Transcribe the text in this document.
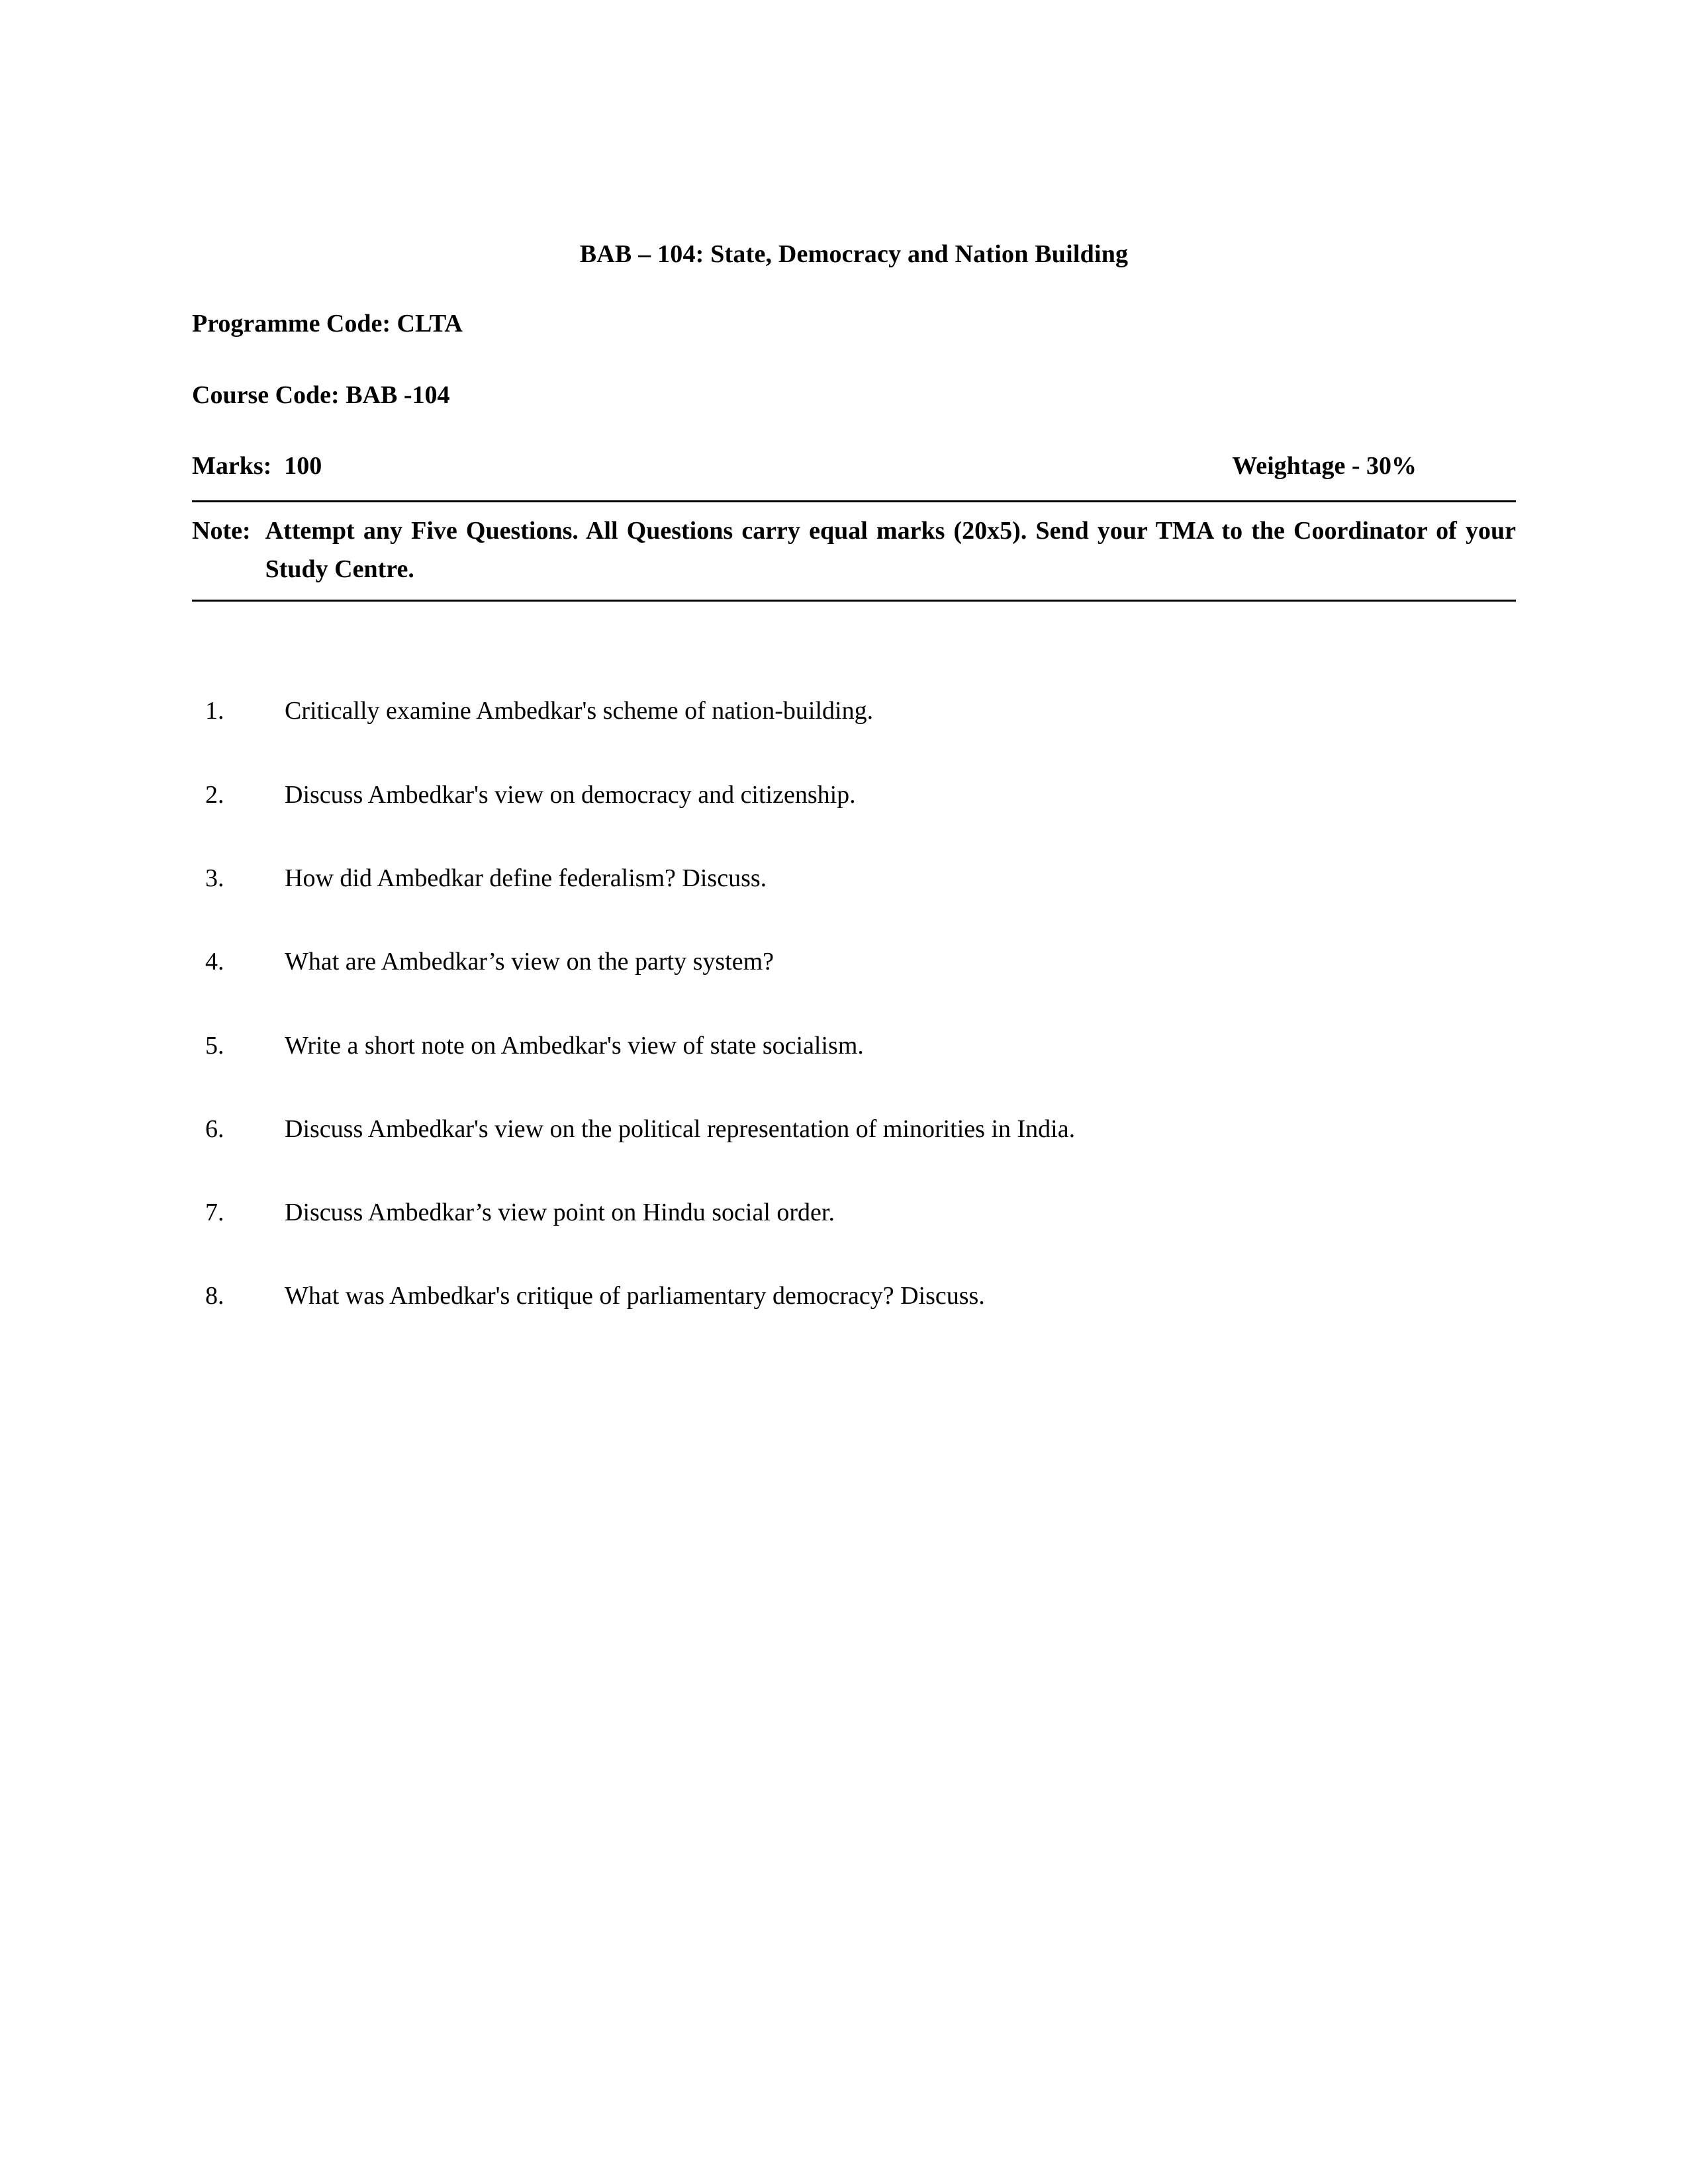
BAB – 104: State, Democracy and Nation Building
Programme Code: CLTA
Course Code: BAB -104
Marks:  100	Weightage - 30%
Note: Attempt any Five Questions. All Questions carry equal marks (20x5). Send your TMA to the Coordinator of your Study Centre.
1.	Critically examine Ambedkar's scheme of nation-building.
2.	Discuss Ambedkar's view on democracy and citizenship.
3.	How did Ambedkar define federalism? Discuss.
4.	What are Ambedkar’s view on the party system?
5.	Write a short note on Ambedkar's view of state socialism.
6.	Discuss Ambedkar's view on the political representation of minorities in India.
7.	Discuss Ambedkar’s view point on Hindu social order.
8.	What was Ambedkar's critique of parliamentary democracy? Discuss.
